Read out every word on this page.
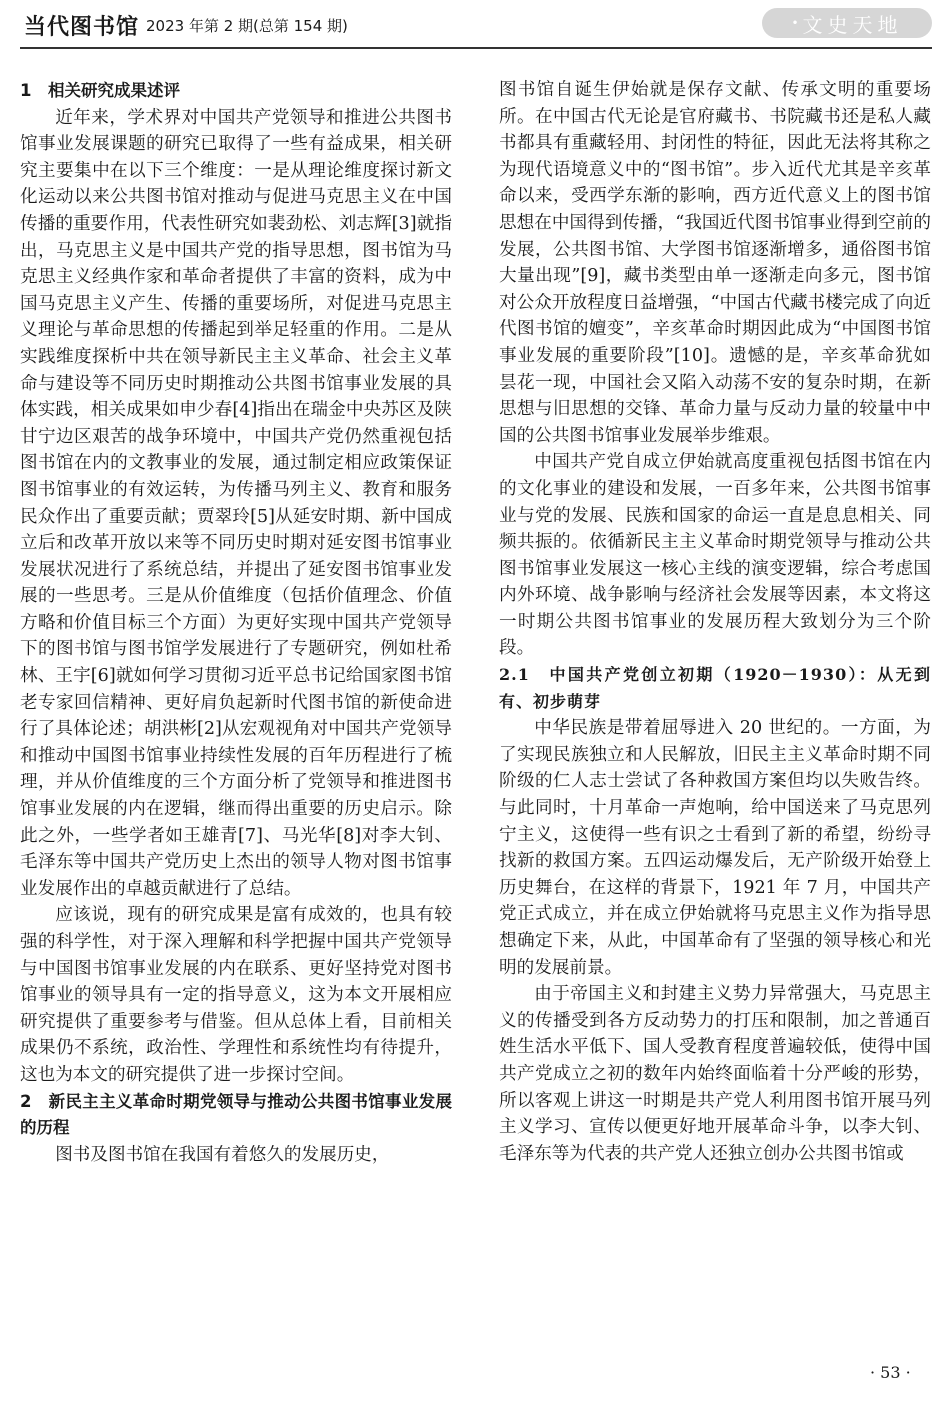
当代图书馆 2023 年第 2 期(总第 154 期)	• 文史天地
1　相关研究成果述评

近年来，学术界对中国共产党领导和推进公共图书馆事业发展课题的研究已取得了一些有益成果，相关研究主要集中在以下三个维度：一是从理论维度探讨新文化运动以来公共图书馆对推动与促进马克思主义在中国传播的重要作用，代表性研究如裴劲松、刘志辉[3]就指出，马克思主义是中国共产党的指导思想，图书馆为马克思主义经典作家和革命者提供了丰富的资料，成为中国马克思主义产生、传播的重要场所，对促进马克思主义理论与革命思想的传播起到举足轻重的作用。二是从实践维度探析中共在领导新民主主义革命、社会主义革命与建设等不同历史时期推动公共图书馆事业发展的具体实践，相关成果如申少春[4]指出在瑞金中央苏区及陕甘宁边区艰苦的战争环境中，中国共产党仍然重视包括图书馆在内的文教事业的发展，通过制定相应政策保证图书馆事业的有效运转，为传播马列主义、教育和服务民众作出了重要贡献；贾翠玲[5]从延安时期、新中国成立后和改革开放以来等不同历史时期对延安图书馆事业发展状况进行了系统总结，并提出了延安图书馆事业发展的一些思考。三是从价值维度（包括价值理念、价值方略和价值目标三个方面）为更好实现中国共产党领导下的图书馆与图书馆学发展进行了专题研究，例如杜希林、王宇[6]就如何学习贯彻习近平总书记给国家图书馆老专家回信精神、更好肩负起新时代图书馆的新使命进行了具体论述；胡洪彬[2]从宏观视角对中国共产党领导和推动中国图书馆事业持续性发展的百年历程进行了梳理，并从价值维度的三个方面分析了党领导和推进图书馆事业发展的内在逻辑，继而得出重要的历史启示。除此之外，一些学者如王雄青[7]、马光华[8]对李大钊、毛泽东等中国共产党历史上杰出的领导人物对图书馆事业发展作出的卓越贡献进行了总结。

应该说，现有的研究成果是富有成效的，也具有较强的科学性，对于深入理解和科学把握中国共产党领导与中国图书馆事业发展的内在联系、更好坚持党对图书馆事业的领导具有一定的指导意义，这为本文开展相应研究提供了重要参考与借鉴。但从总体上看，目前相关成果仍不系统，政治性、学理性和系统性均有待提升，这也为本文的研究提供了进一步探讨空间。

2　新民主主义革命时期党领导与推动公共图书馆事业发展的历程

图书及图书馆在我国有着悠久的发展历史，

图书馆自诞生伊始就是保存文献、传承文明的重要场所。在中国古代无论是官府藏书、书院藏书还是私人藏书都具有重藏轻用、封闭性的特征，因此无法将其称之为现代语境意义中的“图书馆”。步入近代尤其是辛亥革命以来，受西学东渐的影响，西方近代意义上的图书馆思想在中国得到传播，“我国近代图书馆事业得到空前的发展，公共图书馆、大学图书馆逐渐增多，通俗图书馆大量出现”[9]，藏书类型由单一逐渐走向多元，图书馆对公众开放程度日益增强，“中国古代藏书楼完成了向近代图书馆的嬗变”，辛亥革命时期因此成为“中国图书馆事业发展的重要阶段”[10]。遗憾的是，辛亥革命犹如昙花一现，中国社会又陷入动荡不安的复杂时期，在新思想与旧思想的交锋、革命力量与反动力量的较量中中国的公共图书馆事业发展举步维艰。

中国共产党自成立伊始就高度重视包括图书馆在内的文化事业的建设和发展，一百多年来，公共图书馆事业与党的发展、民族和国家的命运一直是息息相关、同频共振的。依循新民主主义革命时期党领导与推动公共图书馆事业发展这一核心主线的演变逻辑，综合考虑国内外环境、战争影响与经济社会发展等因素，本文将这一时期公共图书馆事业的发展历程大致划分为三个阶段。

2.1　中国共产党创立初期（1920－1930）：从无到有、初步萌芽

中华民族是带着屈辱进入 20 世纪的。一方面，为了实现民族独立和人民解放，旧民主主义革命时期不同阶级的仁人志士尝试了各种救国方案但均以失败告终。与此同时，十月革命一声炮响，给中国送来了马克思列宁主义，这使得一些有识之士看到了新的希望，纷纷寻找新的救国方案。五四运动爆发后，无产阶级开始登上历史舞台，在这样的背景下，1921 年 7 月，中国共产党正式成立，并在成立伊始就将马克思主义作为指导思想确定下来，从此，中国革命有了坚强的领导核心和光明的发展前景。

由于帝国主义和封建主义势力异常强大，马克思主义的传播受到各方反动势力的打压和限制，加之普通百姓生活水平低下、国人受教育程度普遍较低，使得中国共产党成立之初的数年内始终面临着十分严峻的形势，所以客观上讲这一时期是共产党人利用图书馆开展马列主义学习、宣传以便更好地开展革命斗争，以李大钊、毛泽东等为代表的共产党人还独立创办公共图书馆或

· 53 ·
